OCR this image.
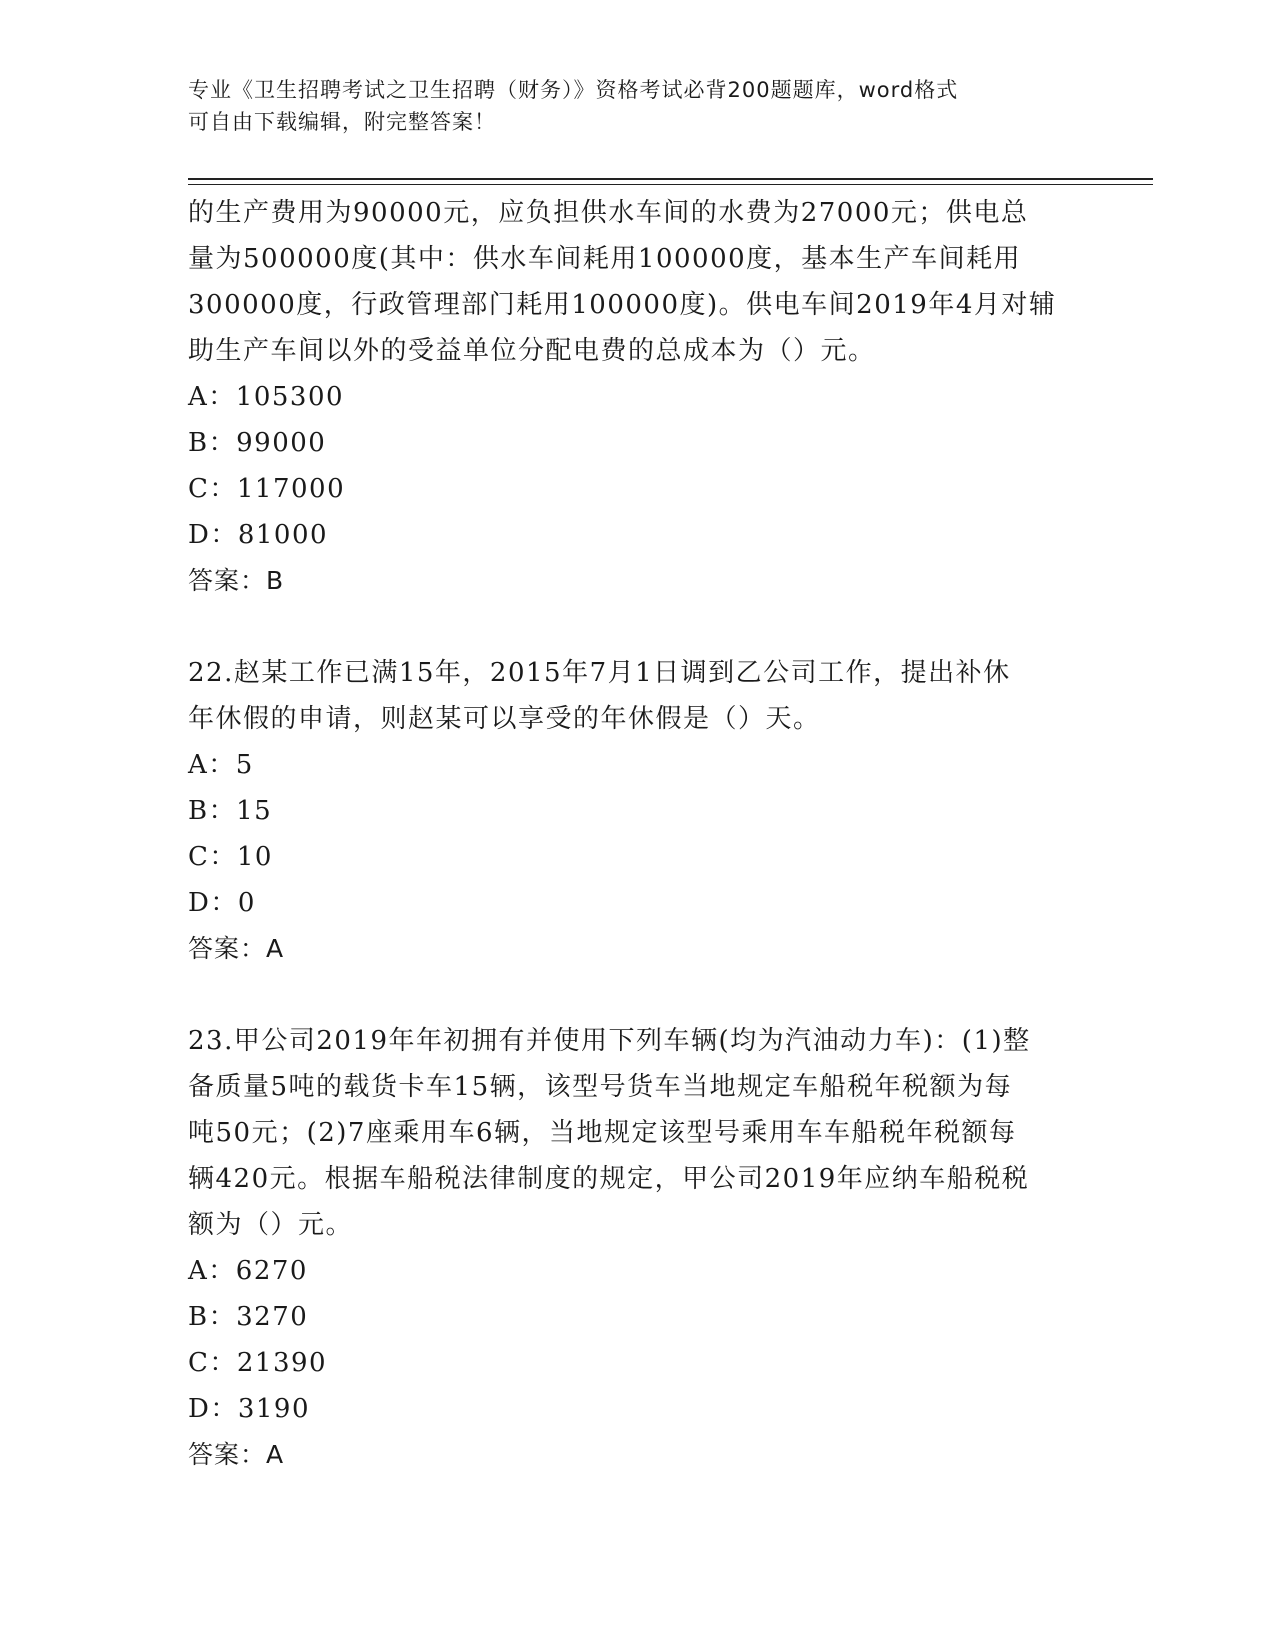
专业《卫生招聘考试之卫生招聘（财务）》资格考试必背200题题库，word格式
可自由下载编辑，附完整答案！
的生产费用为90000元，应负担供水车间的水费为27000元；供电总
量为500000度(其中：供水车间耗用100000度，基本生产车间耗用
300000度，行政管理部门耗用100000度)。供电车间2019年4月对辅
助生产车间以外的受益单位分配电费的总成本为（）元。
A：105300
B：99000
C：117000
D：81000
答案：B
22.赵某工作已满15年，2015年7月1日调到乙公司工作，提出补休
年休假的申请，则赵某可以享受的年休假是（）天。
A：5
B：15
C：10
D：0
答案：A
23.甲公司2019年年初拥有并使用下列车辆(均为汽油动力车)：(1)整
备质量5吨的载货卡车15辆，该型号货车当地规定车船税年税额为每
吨50元；(2)7座乘用车6辆，当地规定该型号乘用车车船税年税额每
辆420元。根据车船税法律制度的规定，甲公司2019年应纳车船税税
额为（）元。
A：6270
B：3270
C：21390
D：3190
答案：A
